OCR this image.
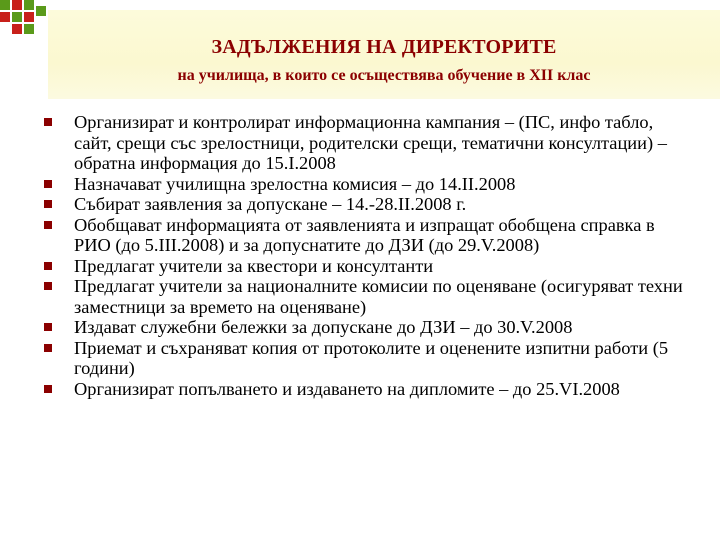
ЗАДЪЛЖЕНИЯ НА ДИРЕКТОРИТЕ
на училища, в които се осъществява обучение в XII клас
Организират и контролират информационна кампания – (ПС, инфо табло, сайт, срещи със зрелостници, родителски срещи, тематични консултации) – обратна информация до 15.I.2008
Назначават училищна зрелостна комисия – до 14.II.2008
Събират заявления за допускане – 14.-28.II.2008 г.
Обобщават информацията от заявленията и изпращат обобщена справка в РИО (до 5.III.2008) и за допуснатите до ДЗИ (до 29.V.2008)
Предлагат учители за квестори и консултанти
Предлагат учители за националните комисии по оценяване (осигуряват техни заместници за времето на оценяване)
Издават служебни бележки за допускане до ДЗИ – до 30.V.2008
Приемат и съхраняват копия от протоколите и оценените изпитни работи (5 години)
Организират попълването и издаването на дипломите – до 25.VI.2008
